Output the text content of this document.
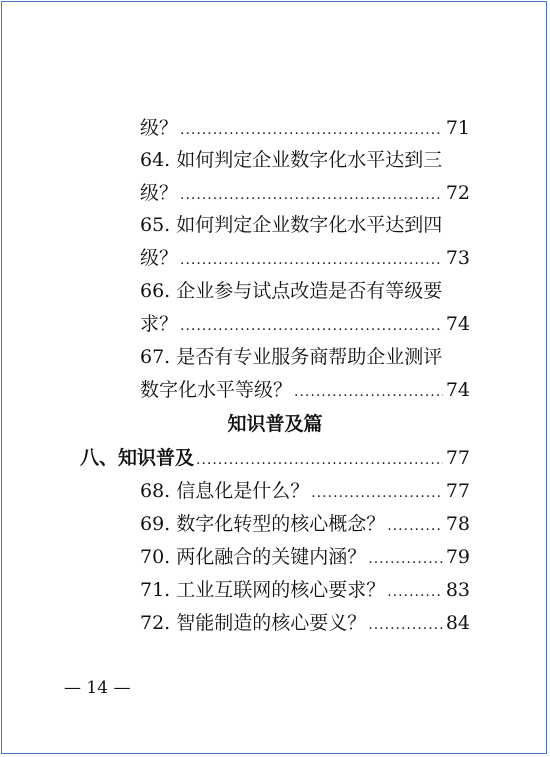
级？ .....	71
64. 如何判定企业数字化水平达到三
级？ .....	72
65. 如何判定企业数字化水平达到四
级？ .....	73
66. 企业参与试点改造是否有等级要
求？ .....	74
67. 是否有专业服务商帮助企业测评
数字化水平等级？ .....	74
知识普及篇
八、知识普及 .....	77
68. 信息化是什么？ .....	77
69. 数字化转型的核心概念？ .....	78
70. 两化融合的关键内涵？ .....	79
71. 工业互联网的核心要求？ .....	83
72. 智能制造的核心要义？ .....	84
— 14 —
